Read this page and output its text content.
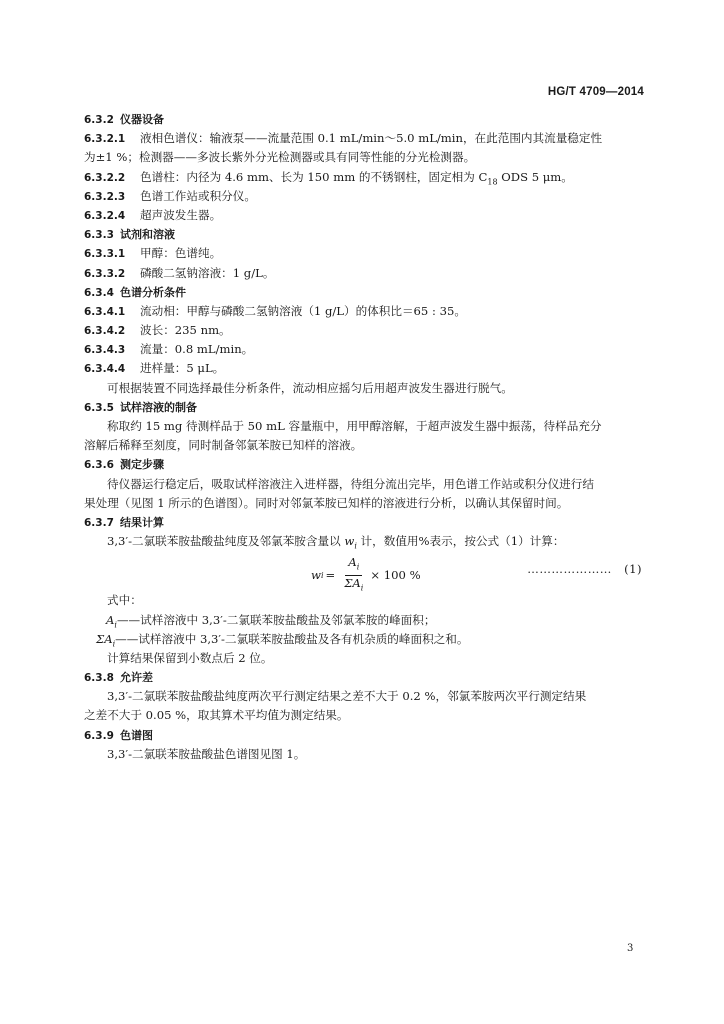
HG/T 4709—2014
6.3.2 仪器设备
6.3.2.1 液相色谱仪：输液泵——流量范围 0.1 mL/min～5.0 mL/min，在此范围内其流量稳定性
为±1 %；检测器——多波长紫外分光检测器或具有同等性能的分光检测器。
6.3.2.2 色谱柱：内径为 4.6 mm、长为 150 mm 的不锈钢柱，固定相为 $C_{18}$ ODS 5 μm。
6.3.2.3 色谱工作站或积分仪。
6.3.2.4 超声波发生器。
6.3.3 试剂和溶液
6.3.3.1 甲醇：色谱纯。
6.3.3.2 磷酸二氢钠溶液：1 g/L。
6.3.4 色谱分析条件
6.3.4.1 流动相：甲醇与磷酸二氢钠溶液（1 g/L）的体积比＝65 : 35。
6.3.4.2 波长：235 nm。
6.3.4.3 流量：0.8 mL/min。
6.3.4.4 进样量：5 μL。
可根据装置不同选择最佳分析条件，流动相应摇匀后用超声波发生器进行脱气。
6.3.5 试样溶液的制备
称取约 15 mg 待测样品于 50 mL 容量瓶中，用甲醇溶解，于超声波发生器中振荡，待样品充分
溶解后稀释至刻度，同时制备邻氯苯胺已知样的溶液。
6.3.6 测定步骤
待仪器运行稳定后，吸取试样溶液注入进样器，待组分流出完毕，用色谱工作站或积分仪进行结
果处理（见图 1 所示的色谱图）。同时对邻氯苯胺已知样的溶液进行分析，以确认其保留时间。
6.3.7 结果计算
3,3′-二氯联苯胺盐酸盐纯度及邻氯苯胺含量以 $w_i$ 计，数值用%表示，按公式（1）计算：
w $i = \frac{A_i}{\Sigma A_i} \times 100$ %	………………… (1)
式中：
$A_i——$试样溶液中 3,3′-二氯联苯胺盐酸盐及邻氯苯胺的峰面积；
$\Sigma A_i——$试样溶液中 3,3′-二氯联苯胺盐酸盐及各有机杂质的峰面积之和。
计算结果保留到小数点后 2 位。
6.3.8 允许差
3,3′-二氯联苯胺盐酸盐纯度两次平行测定结果之差不大于 0.2 %，邻氯苯胺两次平行测定结果
之差不大于 0.05 %，取其算术平均值为测定结果。
6.3.9 色谱图
3,3′-二氯联苯胺盐酸盐色谱图见图 1。
3
